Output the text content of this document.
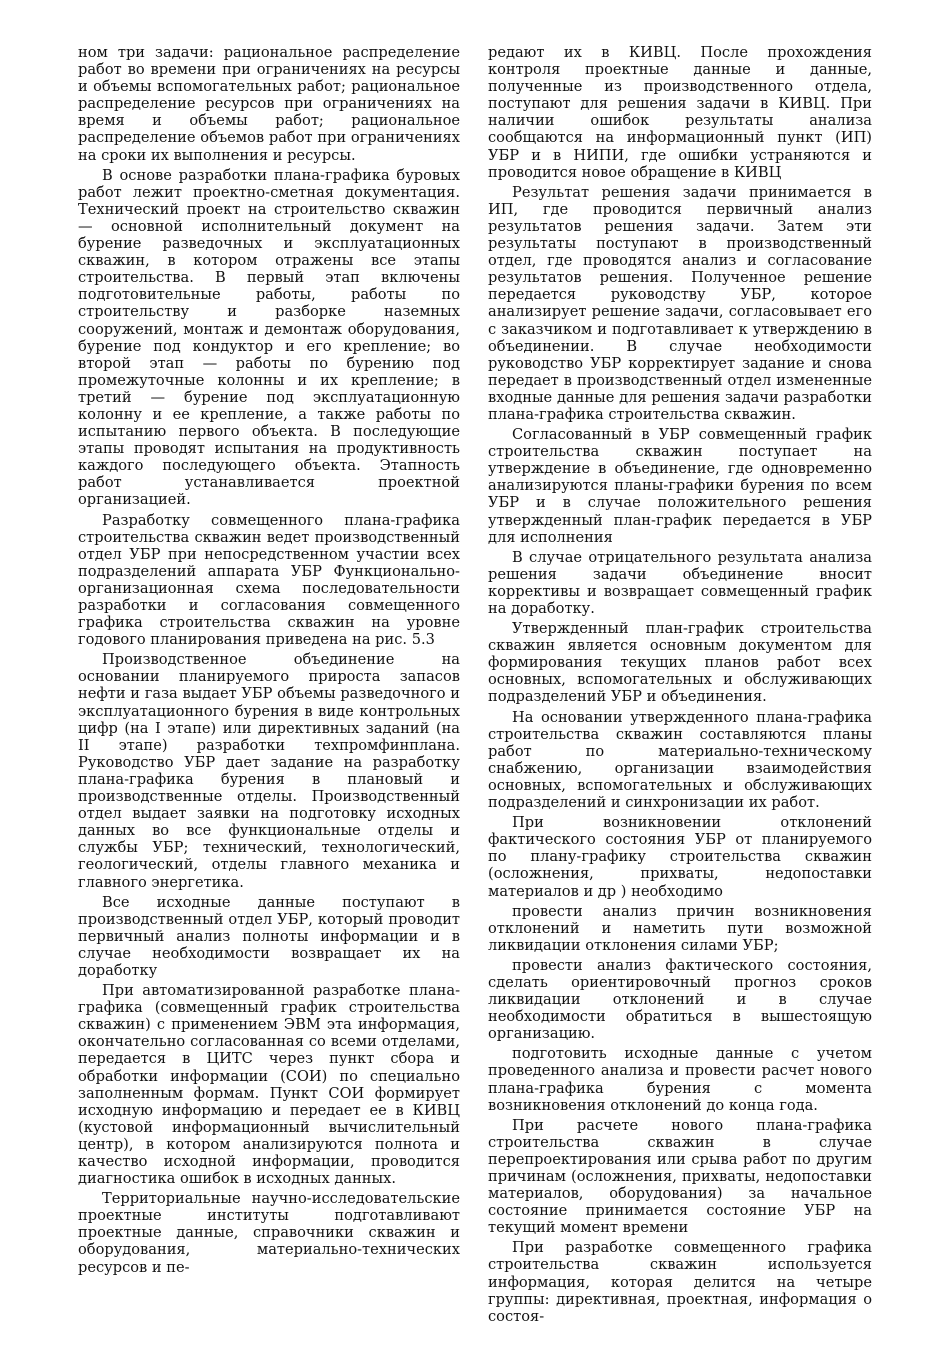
ном три задачи: рациональное распределение работ во времени при ограничениях на ресурсы и объемы вспомогательных работ; рациональное распределение ресурсов при ограничениях на время и объемы работ; рациональное распределение объемов работ при ограничениях на сроки их выполнения и ресурсы.

В основе разработки плана-графика буровых работ лежит проектно-сметная документация. Технический проект на строительство скважин — основной исполнительный документ на бурение разведочных и эксплуатационных скважин, в котором отражены все этапы строительства. В первый этап включены подготовительные работы, работы по строительству и разборке наземных сооружений, монтаж и демонтаж оборудования, бурение под кондуктор и его крепление; во второй этап — работы по бурению под промежуточные колонны и их крепление; в третий — бурение под эксплуатационную колонну и ее крепление, а также работы по испытанию первого объекта. В последующие этапы проводят испытания на продуктивность каждого последующего объекта. Этапность работ устанавливается проектной организацией.

Разработку совмещенного плана-графика строительства скважин ведет производственный отдел УБР при непосредственном участии всех подразделений аппарата УБР Функционально-организационная схема последовательности разработки и согласования совмещенного графика строительства скважин на уровне годового планирования приведена на рис. 5.3

Производственное объединение на основании планируемого прироста запасов нефти и газа выдает УБР объемы разведочного и эксплуатационного бурения в виде контрольных цифр (на I этапе) или директивных заданий (на II этапе) разработки техпромфинплана. Руководство УБР дает задание на разработку плана-графика бурения в плановый и производственные отделы. Производственный отдел выдает заявки на подготовку исходных данных во все функциональные отделы и службы УБР; технический, технологический, геологический, отделы главного механика и главного энергетика.

Все исходные данные поступают в производственный отдел УБР, который проводит первичный анализ полноты информации и в случае необходимости возвращает их на доработку

При автоматизированной разработке плана-графика (совмещенный график строительства скважин) с применением ЭВМ эта информация, окончательно согласованная со всеми отделами, передается в ЦИТС через пункт сбора и обработки информации (СОИ) по специально заполненным формам. Пункт СОИ формирует исходную информацию и передает ее в КИВЦ (кустовой информационный вычислительный центр), в котором анализируются полнота и качество исходной информации, проводится диагностика ошибок в исходных данных.

Территориальные научно-исследовательские проектные институты подготавливают проектные данные, справочники скважин и оборудования, материально-технических ресурсов и пе-

редают их в КИВЦ. После прохождения контроля проектные данные и данные, полученные из производственного отдела, поступают для решения задачи в КИВЦ. При наличии ошибок результаты анализа сообщаются на информационный пункт (ИП) УБР и в НИПИ, где ошибки устраняются и проводится новое обращение в КИВЦ

Результат решения задачи принимается в ИП, где проводится первичный анализ результатов решения задачи. Затем эти результаты поступают в производственный отдел, где проводятся анализ и согласование результатов решения. Полученное решение передается руководству УБР, которое анализирует решение задачи, согласовывает его с заказчиком и подготавливает к утверждению в объединении. В случае необходимости руководство УБР корректирует задание и снова передает в производственный отдел измененные входные данные для решения задачи разработки плана-графика строительства скважин.

Согласованный в УБР совмещенный график строительства скважин поступает на утверждение в объединение, где одновременно анализируются планы-графики бурения по всем УБР и в случае положительного решения утвержденный план-график передается в УБР для исполнения

В случае отрицательного результата анализа решения задачи объединение вносит коррективы и возвращает совмещенный график на доработку.

Утвержденный план-график строительства скважин является основным документом для формирования текущих планов работ всех основных, вспомогательных и обслуживающих подразделений УБР и объединения.

На основании утвержденного плана-графика строительства скважин составляются планы работ по материально-техническому снабжению, организации взаимодействия основных, вспомогательных и обслуживающих подразделений и синхронизации их работ.

При возникновении отклонений фактического состояния УБР от планируемого по плану-графику строительства скважин (осложнения, прихваты, недопоставки материалов и др ) необходимо

провести анализ причин возникновения отклонений и наметить пути возможной ликвидации отклонения силами УБР;

провести анализ фактического состояния, сделать ориентировочный прогноз сроков ликвидации отклонений и в случае необходимости обратиться в вышестоящую организацию.

подготовить исходные данные с учетом проведенного анализа и провести расчет нового плана-графика бурения с момента возникновения отклонений до конца года.

При расчете нового плана-графика строительства скважин в случае перепроектирования или срыва работ по другим причинам (осложнения, прихваты, недопоставки материалов, оборудования) за начальное состояние принимается состояние УБР на текущий момент времени

При разработке совмещенного графика строительства скважин используется информация, которая делится на четыре группы: директивная, проектная, информация о состоя-
